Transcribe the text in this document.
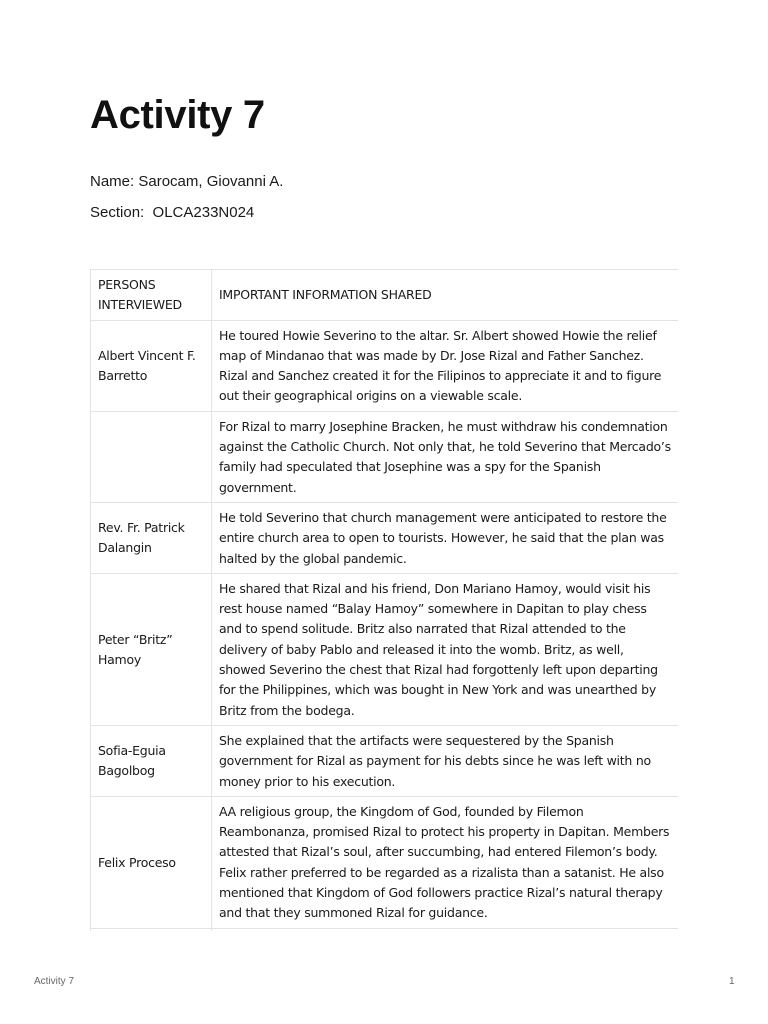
Activity 7
Name: Sarocam, Giovanni A.
Section:  OLCA233N024
PERSONS INTERVIEWED	IMPORTANT INFORMATION SHARED
Albert Vincent F. Barretto	He toured Howie Severino to the altar. Sr. Albert showed Howie the relief map of Mindanao that was made by Dr. Jose Rizal and Father Sanchez. Rizal and Sanchez created it for the Filipinos to appreciate it and to figure out their geographical origins on a viewable scale.
	For Rizal to marry Josephine Bracken, he must withdraw his condemnation against the Catholic Church. Not only that, he told Severino that Mercado’s family had speculated that Josephine was a spy for the Spanish government.
Rev. Fr. Patrick Dalangin	He told Severino that church management were anticipated to restore the entire church area to open to tourists. However, he said that the plan was halted by the global pandemic.
Peter “Britz” Hamoy	He shared that Rizal and his friend, Don Mariano Hamoy, would visit his rest house named “Balay Hamoy” somewhere in Dapitan to play chess and to spend solitude. Britz also narrated that Rizal attended to the delivery of baby Pablo and released it into the womb. Britz, as well, showed Severino the chest that Rizal had forgottenly left upon departing for the Philippines, which was bought in New York and was unearthed by Britz from the bodega.
Sofia-Eguia Bagolbog	She explained that the artifacts were sequestered by the Spanish government for Rizal as payment for his debts since he was left with no money prior to his execution.
Felix Proceso	AA religious group, the Kingdom of God, founded by Filemon Reambonanza, promised Rizal to protect his property in Dapitan. Members attested that Rizal’s soul, after succumbing, had entered Filemon’s body. Felix rather preferred to be regarded as a rizalista than a satanist. He also mentioned that Kingdom of God followers practice Rizal’s natural therapy and that they summoned Rizal for guidance.

Activity 7	1
